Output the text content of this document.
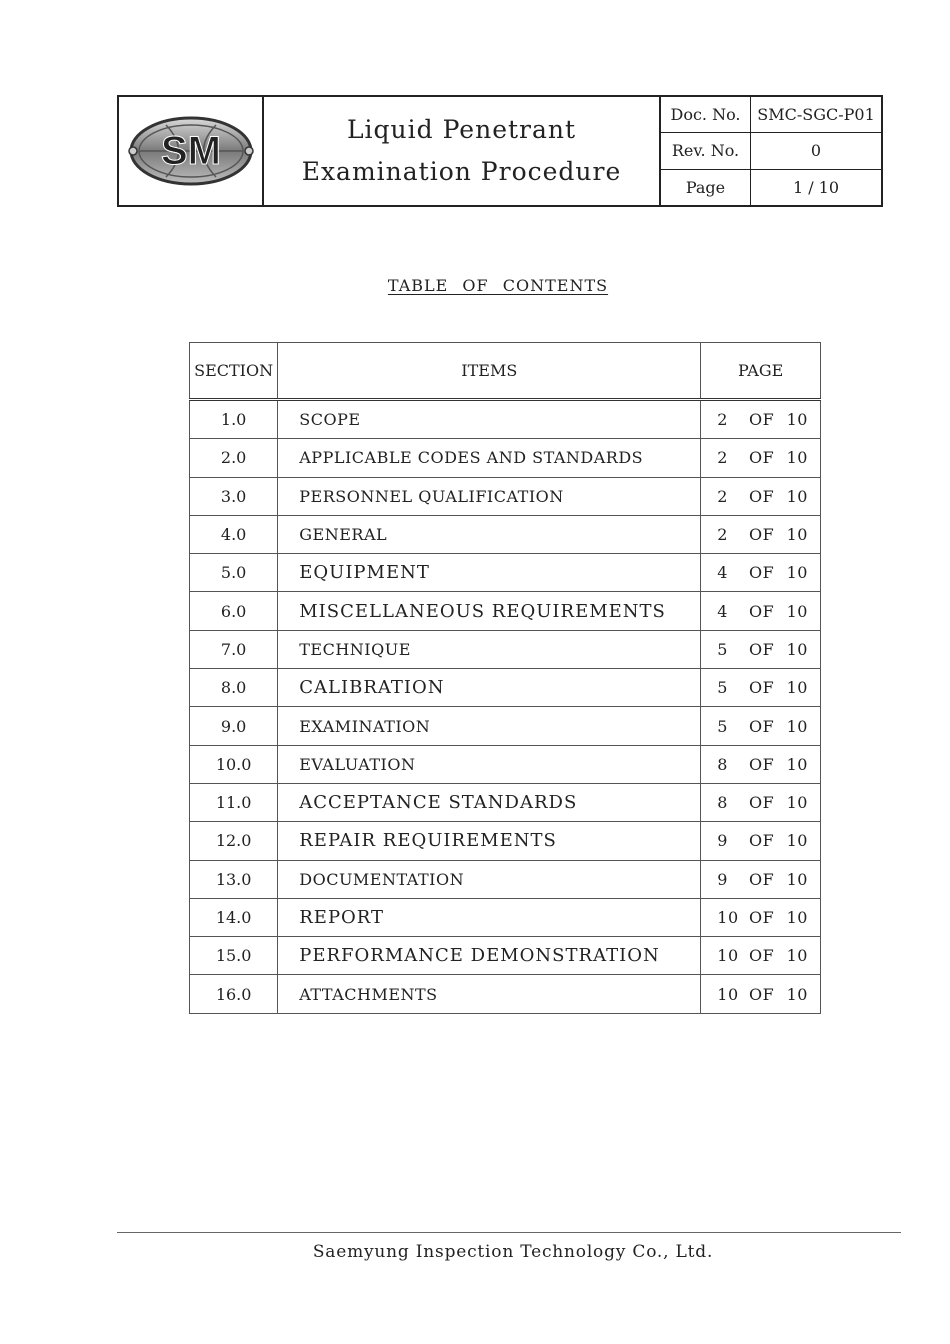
SM	Liquid Penetrant
Examination Procedure
Doc. No.	SMC-SGC-P01
Rev. No.	0
Page	1 / 10
TABLE OF CONTENTS
SECTION	ITEMS	PAGE
1.0	SCOPE	2 OF 10

2.0	APPLICABLE CODES AND STANDARDS	2 OF 10

3.0	PERSONNEL QUALIFICATION	2 OF 10

4.0	GENERAL	2 OF 10

5.0	EQUIPMENT	4 OF 10

6.0	MISCELLANEOUS REQUIREMENTS	4 OF 10

7.0	TECHNIQUE	5 OF 10

8.0	CALIBRATION	5 OF 10

9.0	EXAMINATION	5 OF 10

10.0	EVALUATION	8 OF 10

11.0	ACCEPTANCE STANDARDS	8 OF 10

12.0	REPAIR REQUIREMENTS	9 OF 10

13.0	DOCUMENTATION	9 OF 10

14.0	REPORT	10 OF 10

15.0	PERFORMANCE DEMONSTRATION	10 OF 10

16.0	ATTACHMENTS	10 OF 10
Saemyung Inspection Technology Co., Ltd.
